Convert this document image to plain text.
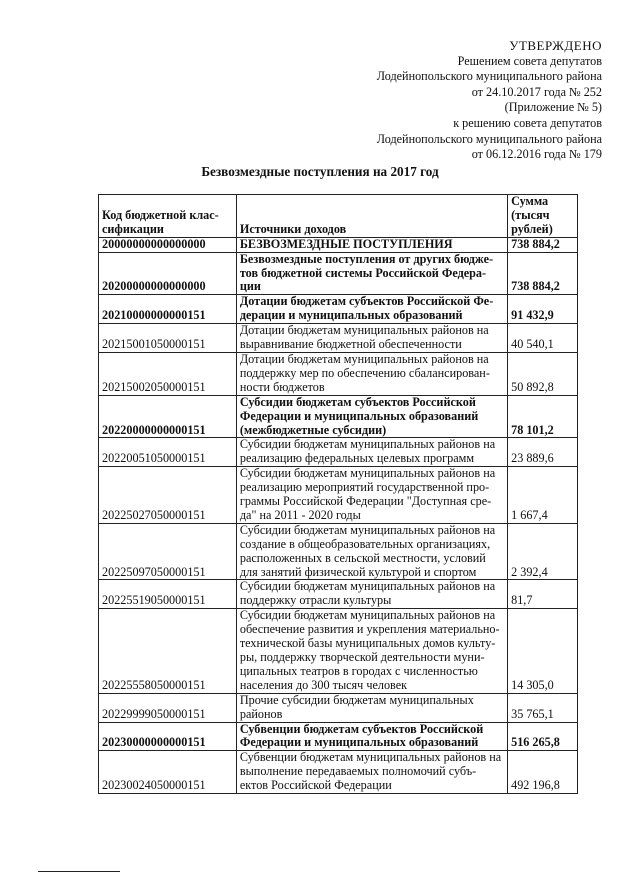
УТВЕРЖДЕНО
Решением совета депутатов
Лодейнопольского муниципального района
от 24.10.2017 года № 252
(Приложение № 5)
к решению совета депутатов
Лодейнопольского муниципального района
от 06.12.2016 года № 179
Безвозмездные поступления на 2017 год
Код бюджетной клас-сификации	Источники доходов	Сумма (тысяч рублей)
20000000000000000	БЕЗВОЗМЕЗДНЫЕ ПОСТУПЛЕНИЯ	738 884,2
20200000000000000	Безвозмездные поступления от других бюдже-тов бюджетной системы Российской Федера-ции	738 884,2
20210000000000151	Дотации бюджетам субъектов Российской Фе-дерации и муниципальных образований	91 432,9
20215001050000151	Дотации бюджетам муниципальных районов на выравнивание бюджетной обеспеченности	40 540,1
20215002050000151	Дотации бюджетам муниципальных районов на поддержку мер по обеспечению сбалансирован-ности бюджетов	50 892,8
20220000000000151	Субсидии бюджетам субъектов Российской Федерации и муниципальных образований (межбюджетные субсидии)	78 101,2
20220051050000151	Субсидии бюджетам муниципальных районов на реализацию федеральных целевых программ	23 889,6
20225027050000151	Субсидии бюджетам муниципальных районов на реализацию мероприятий государственной про-граммы Российской Федерации "Доступная сре-да" на 2011 - 2020 годы	1 667,4
20225097050000151	Субсидии бюджетам муниципальных районов на создание в общеобразовательных организациях, расположенных в сельской местности, условий для занятий физической культурой и спортом	2 392,4
20225519050000151	Субсидии бюджетам муниципальных районов на поддержку отрасли культуры	81,7
20225558050000151	Субсидии бюджетам муниципальных районов на обеспечение развития и укрепления материально-технической базы муниципальных домов культу-ры, поддержку творческой деятельности муни-ципальных театров в городах с численностью населения до 300 тысяч человек	14 305,0
20229999050000151	Прочие субсидии бюджетам муниципальных районов	35 765,1
20230000000000151	Субвенции бюджетам субъектов Российской Федерации и муниципальных образований	516 265,8
20230024050000151	Субвенции бюджетам муниципальных районов на выполнение передаваемых полномочий субъ-ектов Российской Федерации	492 196,8
